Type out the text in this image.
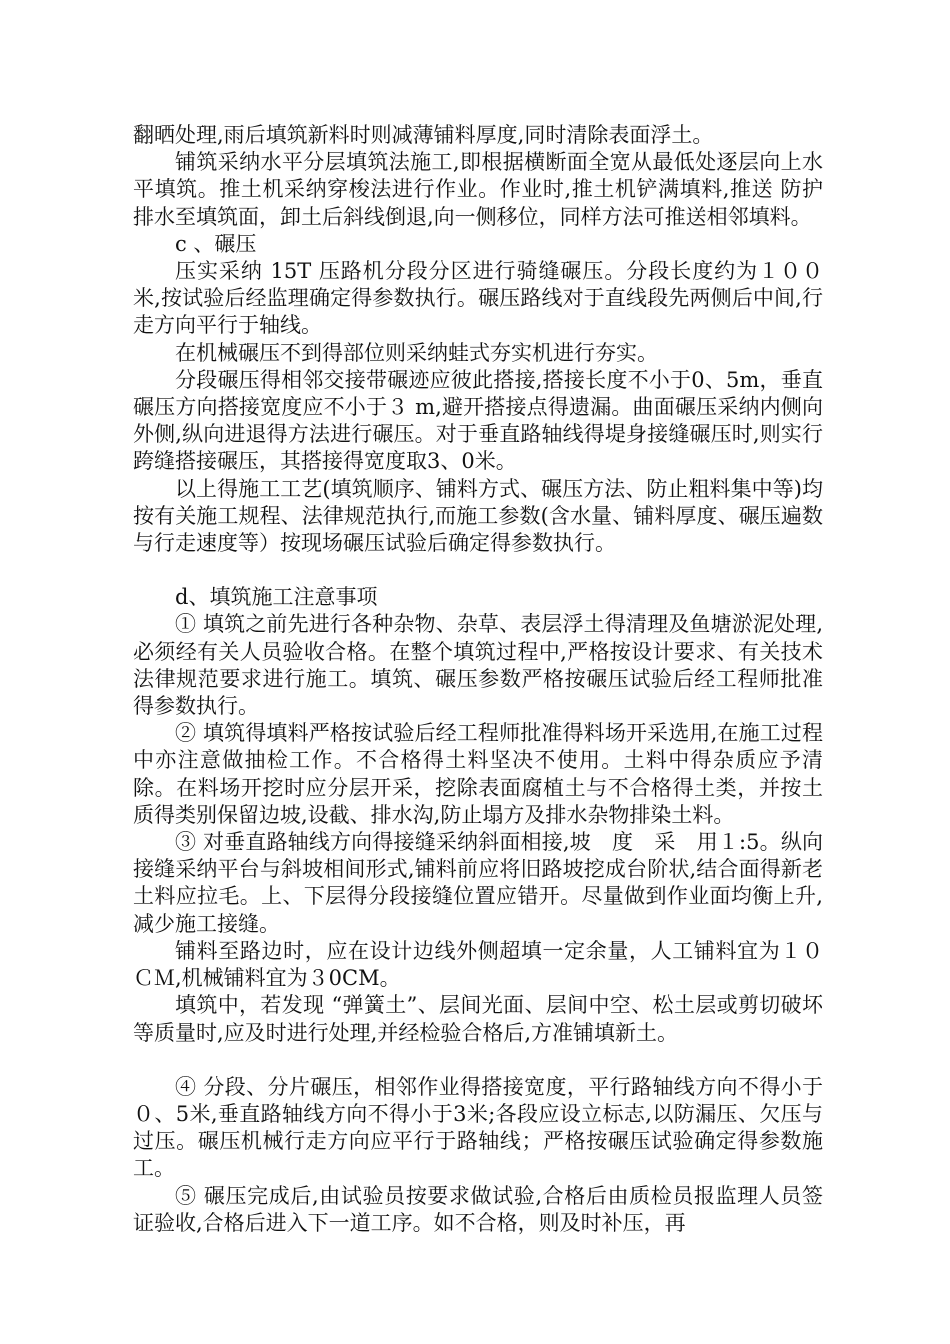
翻晒处理,雨后填筑新料时则减薄铺料厚度,同时清除表面浮土。

铺筑采纳水平分层填筑法施工,即根据横断面全宽从最低处逐层向上水平填筑。推土机采纳穿梭法进行作业。作业时,推土机铲满填料,推送 防护排水至填筑面，卸土后斜线倒退,向一侧移位，同样方法可推送相邻填料。

c 、碾压

压实采纳 15T 压路机分段分区进行骑缝碾压。分段长度约为１００米,按试验后经监理确定得参数执行。碾压路线对于直线段先两侧后中间,行走方向平行于轴线。

在机械碾压不到得部位则采纳蛙式夯实机进行夯实。

分段碾压得相邻交接带碾迹应彼此搭接,搭接长度不小于0、5m，垂直碾压方向搭接宽度应不小于３ m,避开搭接点得遗漏。曲面碾压采纳内侧向外侧,纵向进退得方法进行碾压。对于垂直路轴线得堤身接缝碾压时,则实行跨缝搭接碾压，其搭接得宽度取3、0米。

以上得施工工艺(填筑顺序、铺料方式、碾压方法、防止粗料集中等)均按有关施工规程、法律规范执行,而施工参数(含水量、铺料厚度、碾压遍数与行走速度等）按现场碾压试验后确定得参数执行。

d、填筑施工注意事项

① 填筑之前先进行各种杂物、杂草、表层浮土得清理及鱼塘淤泥处理,必须经有关人员验收合格。在整个填筑过程中,严格按设计要求、有关技术法律规范要求进行施工。填筑、碾压参数严格按碾压试验后经工程师批准得参数执行。

② 填筑得填料严格按试验后经工程师批准得料场开采选用,在施工过程中亦注意做抽检工作。不合格得土料坚决不使用。土料中得杂质应予清除。在料场开挖时应分层开采，挖除表面腐植土与不合格得土类，并按土质得类别保留边坡,设截、排水沟,防止塌方及排水杂物排染土料。

③ 对垂直路轴线方向得接缝采纳斜面相接,坡　度　采　用１:5。纵向接缝采纳平台与斜坡相间形式,铺料前应将旧路坡挖成台阶状,结合面得新老土料应拉毛。上、下层得分段接缝位置应错开。尽量做到作业面均衡上升,减少施工接缝。

铺料至路边时，应在设计边线外侧超填一定余量，人工铺料宜为１０ＣＭ,机械铺料宜为３0CM。

填筑中，若发现 “弹簧土”、层间光面、层间中空、松土层或剪切破坏等质量时,应及时进行处理,并经检验合格后,方准铺填新土。

④ 分段、分片碾压，相邻作业得搭接宽度，平行路轴线方向不得小于０、5米,垂直路轴线方向不得小于3米;各段应设立标志,以防漏压、欠压与过压。碾压机械行走方向应平行于路轴线；严格按碾压试验确定得参数施工。

⑤ 碾压完成后,由试验员按要求做试验,合格后由质检员报监理人员签证验收,合格后进入下一道工序。如不合格，则及时补压，再
